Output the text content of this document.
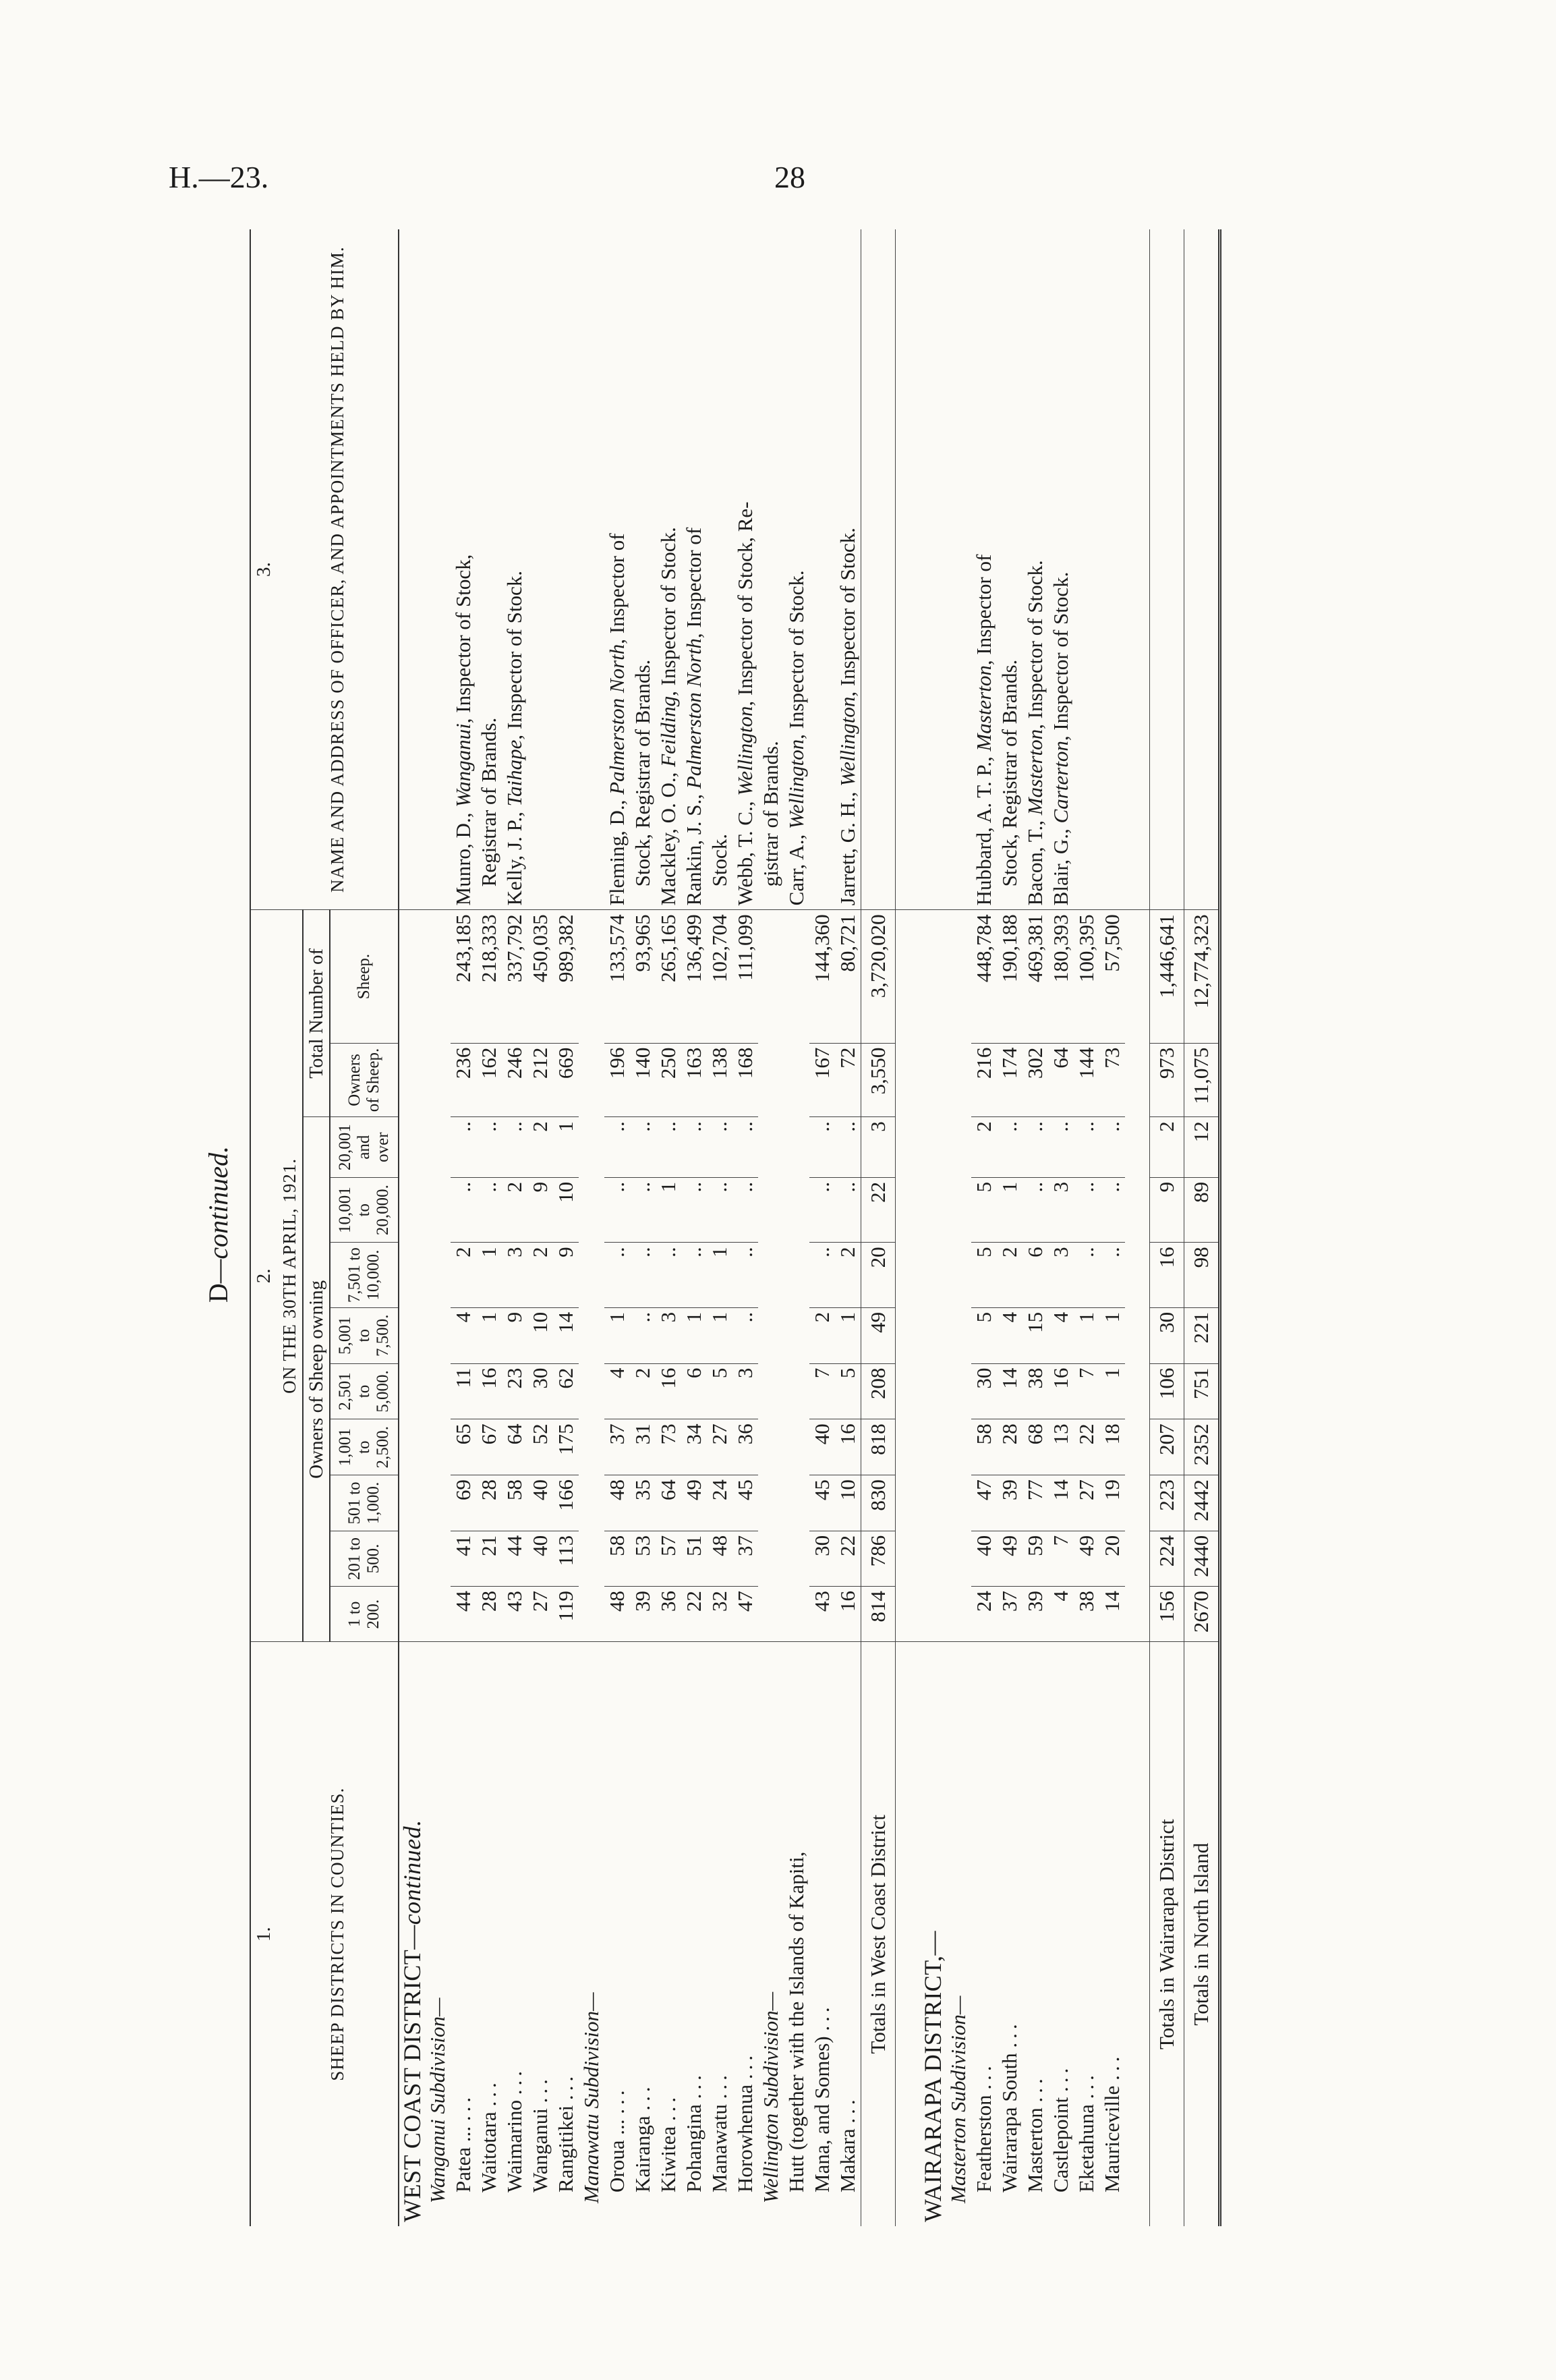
H.—23.	28
D—continued.
1.	2.											3.
SHEEP DISTRICTS IN COUNTIES.	ON THE 30TH APRIL, 1921.											NAME AND ADDRESS OF OFFICER, AND APPOINTMENTS HELD BY HIM.
	Owners of Sheep owning									Total Number of		
	1 to 200.	201 to 500.	501 to 1,000.	1,001 to 2,500.	2,501 to 5,000.	5,001 to 7,500.	7,501 to 10,000.	10,001 to 20,000.	20,001 and over	Owners of Sheep.	Sheep.	
WEST COAST DISTRICT—continued.												
Wanganui Subdivision—												
Patea ... ...	44	41	69	65	11	4	2	..	..	236	243,185	Munro, D., Wanganui, Inspector of Stock,
Registrar of Brands.
Waitotara ...	28	21	28	67	16	1	1	..	..	162	218,333	
Waimarino ...	43	44	58	64	23	9	3	2	..	246	337,792	Kelly, J. P., Taihape, Inspector of Stock.
Wanganui ...	27	40	40	52	30	10	2	9	2	212	450,035	
Rangitikei ...	119	113	166	175	62	14	9	10	1	669	989,382	
Manawatu Subdivision—												
Oroua ... ...	48	58	48	37	4	1	..	..	..	196	133,574	Fleming, D., Palmerston North, Inspector of
Stock, Registrar of Brands.
Kairanga ...	39	53	35	31	2	..	..	..	..	140	93,965	
Kiwitea ...	36	57	64	73	16	3	..	1	..	250	265,165	Mackley, O. O., Feilding, Inspector of Stock.
Pohangina ...	22	51	49	34	6	1	..	..	..	163	136,499	Rankin, J. S., Palmerston North, Inspector of
Stock.
Manawatu ...	32	48	24	27	5	1	1	..	..	138	102,704	
Horowhenua ...	47	37	45	36	3	..	..	..	..	168	111,099	Webb, T. C., Wellington, Inspector of Stock, Re-
gistrar of Brands.
Wellington Subdivision—												
Hutt (together with the Islands of Kapiti,												Carr, A., Wellington, Inspector of Stock.
Mana, and Somes) ...	43	30	45	40	7	2	..	..	..	167	144,360	
Makara ...	16	22	10	16	5	1	2	..	..	72	80,721	Jarrett, G. H., Wellington, Inspector of Stock.
Totals in West Coast District	814	786	830	818	208	49	20	22	3	3,550	3,720,020	

WAIRARAPA DISTRICT,—												
Masterton Subdivision—												
Featherston ...	24	40	47	58	30	5	5	5	2	216	448,784	Hubbard, A. T. P., Masterton, Inspector of
Stock, Registrar of Brands.
Wairarapa South ...	37	49	39	28	14	4	2	1	..	174	190,188	
Masterton ...	39	59	77	68	38	15	6	..	..	302	469,381	Bacon, T., Masterton, Inspector of Stock.
Castlepoint ...	4	7	14	13	16	4	3	3	..	64	180,393	Blair, G., Carterton, Inspector of Stock.
Eketahuna ...	38	49	27	22	7	1	..	..	..	144	100,395	
Mauriceville ...	14	20	19	18	1	1	..	..	..	73	57,500	

Totals in Wairarapa District	156	224	223	207	106	30	16	9	2	973	1,446,641	
Totals in North Island	2670	2440	2442	2352	751	221	98	89	12	11,075	12,774,323	
